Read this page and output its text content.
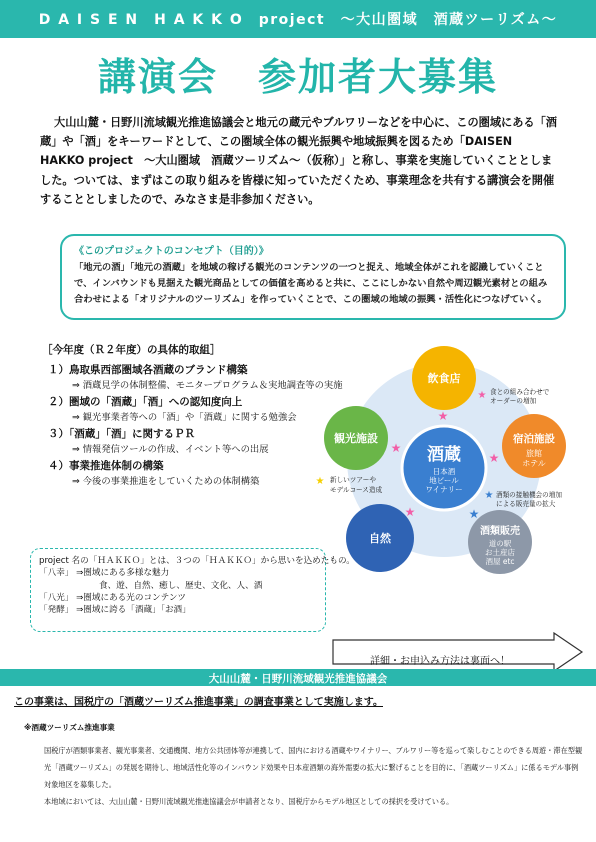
D A I S E N　H A K K O　project　～大山圏域　酒蔵ツーリズム～
講演会　参加者大募集
大山山麓・日野川流域観光推進協議会と地元の蔵元やブルワリーなどを中心に、この圏域にある「酒蔵」や「酒」をキーワードとして、この圏域全体の観光振興や地域振興を図るため「DAISEN HAKKO project　～大山圏域　酒蔵ツーリズム～（仮称）」と称し、事業を実施していくこととしました。ついては、まずはこの取り組みを皆様に知っていただくため、事業理念を共有する講演会を開催することとしましたので、みなさま是非参加ください。
《このプロジェクトのコンセプト（目的）》
「地元の酒」「地元の酒蔵」を地域の稼げる観光のコンテンツの一つと捉え、地域全体がこれを認識していくことで、インバウンドも見据えた観光商品としての価値を高めると共に、ここにしかない自然や周辺観光素材との組み合わせによる「オリジナルのツーリズム」を作っていくことで、この圏域の地域の振興・活性化につなげていく。
［今年度（Ｒ２年度）の具体的取組］
１）鳥取県西部圏域各酒蔵のブランド構築
⇒ 酒蔵見学の体制整備、モニタープログラム＆実地調査等の実施
２）圏域の「酒蔵」「酒」への認知度向上
⇒ 観光事業者等への「酒」や「酒蔵」に関する勉強会
３）「酒蔵」「酒」に関するＰＲ
⇒ 情報発信ツールの作成、イベント等への出展
４）事業推進体制の構築
⇒ 今後の事業推進をしていくための体制構築
飲食店
観光施設	宿泊施設
旅館
ホテル
自然
酒類販売
道の駅
お土産店
酒屋 etc
酒蔵
日本酒
地ビール
ワイナリー
★
★
★
★	★
★ 食との組み合わせで
オーダーの増加
★ 新しいツアーや
モデルコース造成	★ 酒類の接触機会の増加
による販売量の拡大
project 名の「ＨＡＫＫＯ」とは、３つの「ＨＡＫＫＯ」から思いを込めたもの。
「八幸」 ⇒圏域にある多様な魅力
食、遊、自然、癒し、歴史、文化、人、酒
「八光」 ⇒圏域にある光のコンテンツ
「発酵」 ⇒圏域に誇る「酒蔵」「お酒」
詳細・お申込み方法は裏面へ！
大山山麓・日野川流域観光推進協議会
この事業は、国税庁の「酒蔵ツーリズム推進事業」の調査事業として実施します。
※酒蔵ツーリズム推進事業
国税庁が酒類事業者、観光事業者、交通機関、地方公共団体等が連携して、国内における酒蔵やワイナリー、ブルワリー等を巡って楽しむことのできる周遊・滞在型観光「酒蔵ツーリズム」の発展を期待し、地域活性化等のインバウンド効果や日本産酒類の海外需要の拡大に繋げることを目的に、「酒蔵ツーリズム」に係るモデル事例対象地区を募集した。
本地域においては、大山山麓・日野川流域観光推進協議会が申請者となり、国税庁からモデル地区としての採択を受けている。
